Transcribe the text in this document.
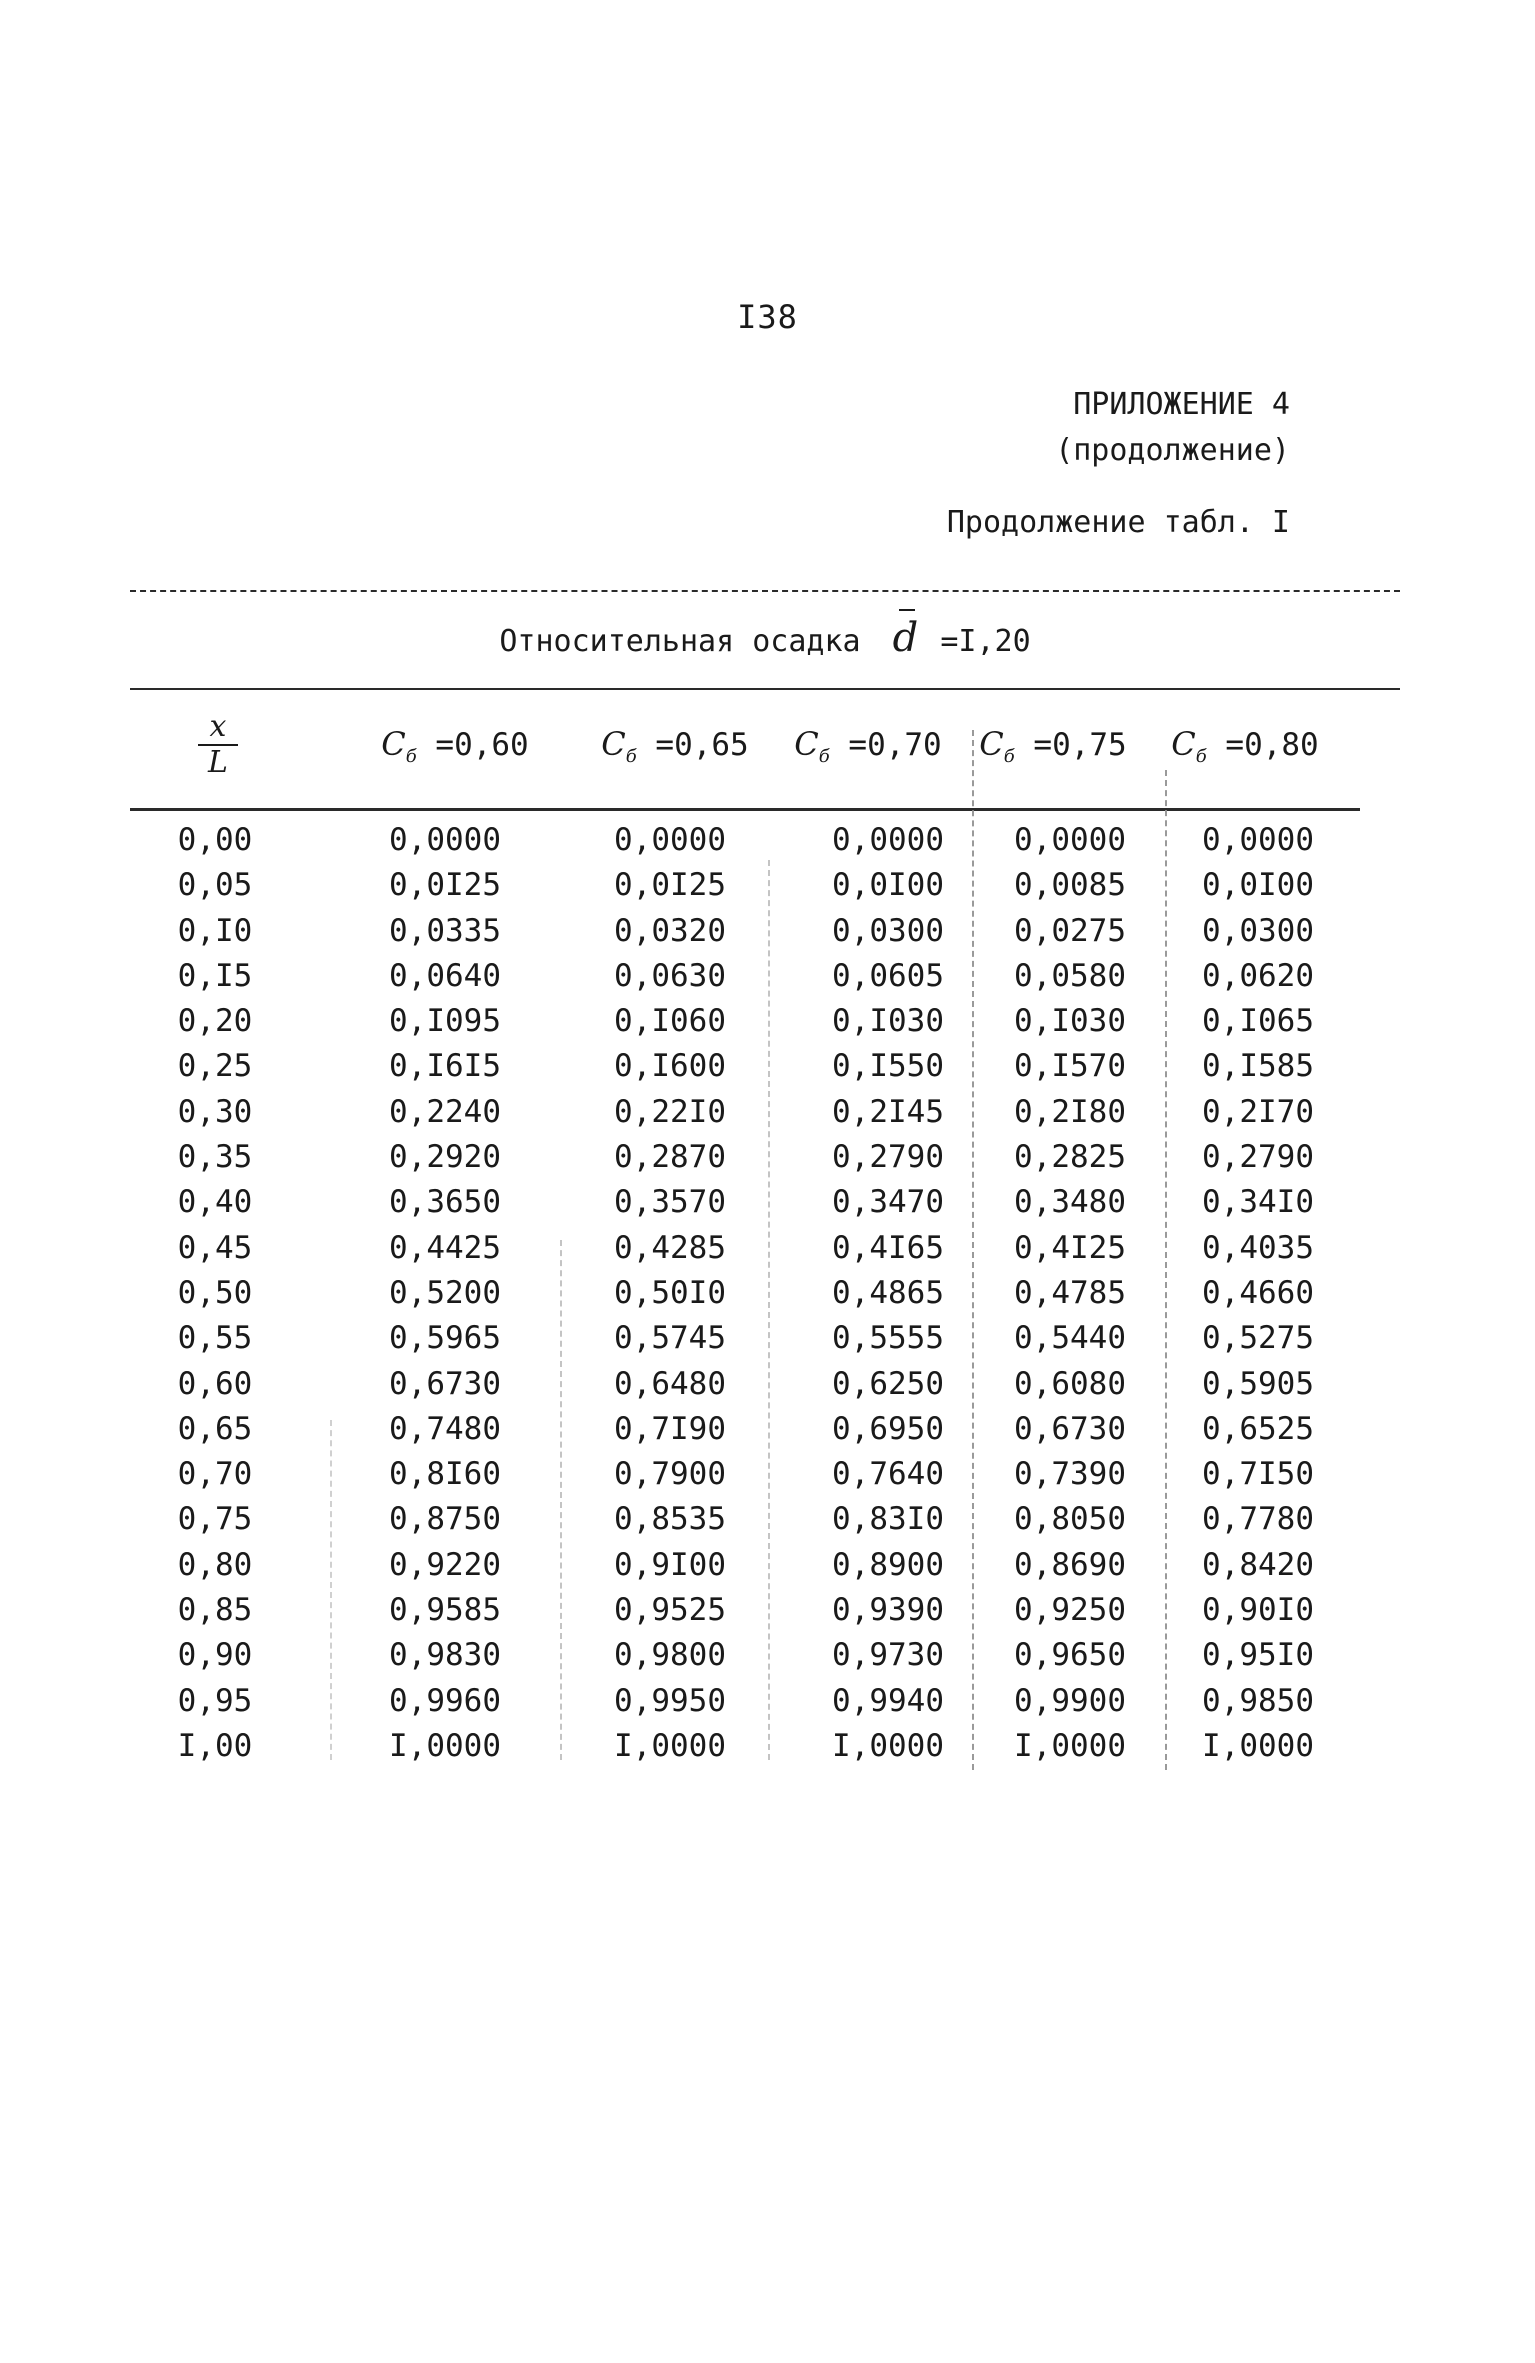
I38
ПРИЛОЖЕНИЕ 4
(продолжение)
Продолжение табл. I
Относительная осадка d =I,20
x
L	$C_б =0,60$	$C_б =0,65$	$C_б =0,70$	$C_б =0,75$	$C_б =0,80$
0,00	0,0000	0,0000	0,0000	0,0000	0,0000
0,05	0,0I25	0,0I25	0,0I00	0,0085	0,0I00
0,I0	0,0335	0,0320	0,0300	0,0275	0,0300
0,I5	0,0640	0,0630	0,0605	0,0580	0,0620
0,20	0,I095	0,I060	0,I030	0,I030	0,I065
0,25	0,I6I5	0,I600	0,I550	0,I570	0,I585
0,30	0,2240	0,22I0	0,2I45	0,2I80	0,2I70
0,35	0,2920	0,2870	0,2790	0,2825	0,2790
0,40	0,3650	0,3570	0,3470	0,3480	0,34I0
0,45	0,4425	0,4285	0,4I65	0,4I25	0,4035
0,50	0,5200	0,50I0	0,4865	0,4785	0,4660
0,55	0,5965	0,5745	0,5555	0,5440	0,5275
0,60	0,6730	0,6480	0,6250	0,6080	0,5905
0,65	0,7480	0,7I90	0,6950	0,6730	0,6525
0,70	0,8I60	0,7900	0,7640	0,7390	0,7I50
0,75	0,8750	0,8535	0,83I0	0,8050	0,7780
0,80	0,9220	0,9I00	0,8900	0,8690	0,8420
0,85	0,9585	0,9525	0,9390	0,9250	0,90I0
0,90	0,9830	0,9800	0,9730	0,9650	0,95I0
0,95	0,9960	0,9950	0,9940	0,9900	0,9850
I,00	I,0000	I,0000	I,0000	I,0000	I,0000
